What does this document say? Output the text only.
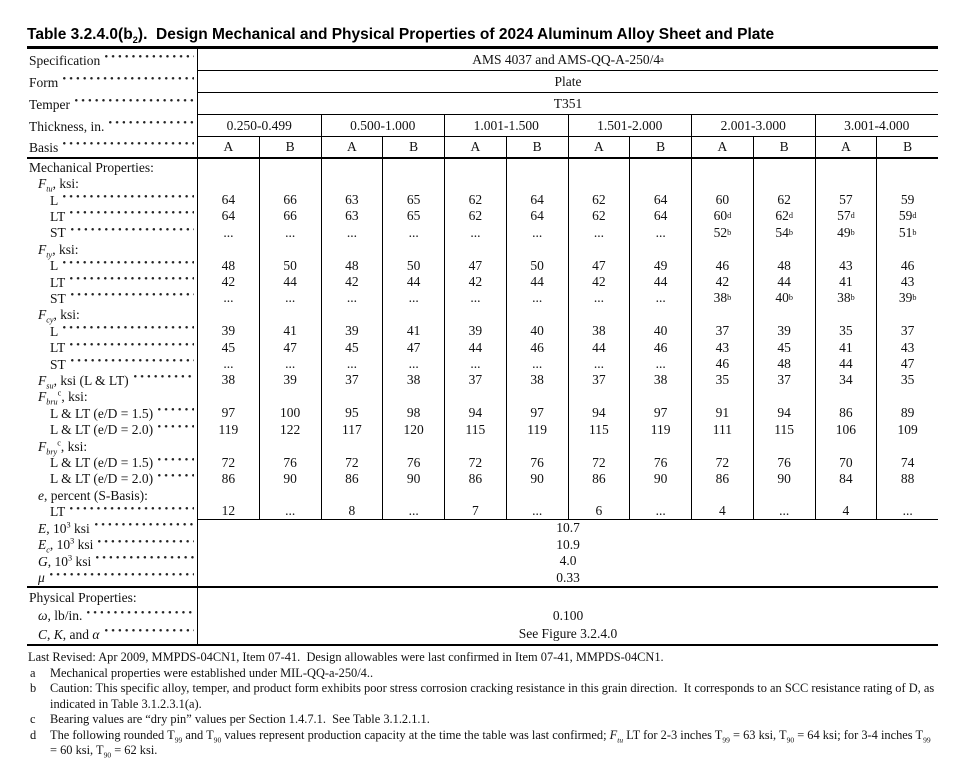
Table $3.2.4.0(b_2)$.  Design Mechanical and Physical Properties of 2024 Aluminum Alloy Sheet and Plate
Specification	AMS 4037 and AMS-QQ-A-250/4 a
Form	Plate
Temper	T351
Thickness, in.	0.250-0.499	0.500-1.000	1.001-1.500	1.501-2.000	2.001-3.000	3.001-4.000
Basis	A	B	A	B	A	B	A	B	A	B	A	B
Mechanical Properties:
$F_{tu}$, ksi:
L	64	66	63	65	62	64	62	64	60	62	57	59
LT	64	66	63	65	62	64	62	64	60 d	62 d	57 d	59 d
ST	...	...	...	...	...	...	...	...	52 b	54 b	49 b	51 b
$F_{ty}$, ksi:
L	48	50	48	50	47	50	47	49	46	48	43	46
LT	42	44	42	44	42	44	42	44	42	44	41	43
ST	...	...	...	...	...	...	...	...	38 b	40 b	38 b	39 b
$F_{cy}$, ksi:
L	39	41	39	41	39	40	38	40	37	39	35	37
LT	45	47	45	47	44	46	44	46	43	45	41	43
ST	...	...	...	...	...	...	...	...	46	48	44	47
$F_{su}$, ksi (L & LT)	38	39	37	38	37	38	37	38	35	37	34	35
$F_{bru}^c$, ksi:
L & LT (e/D = 1.5)	97	100	95	98	94	97	94	97	91	94	86	89
L & LT (e/D = 2.0)	119	122	117	120	115	119	115	119	111	115	106	109
$F_{bry}^c$, ksi:
L & LT (e/D = 1.5)	72	76	72	76	72	76	72	76	72	76	70	74
L & LT (e/D = 2.0)	86	90	86	90	86	90	86	90	86	90	84	88
e, percent (S-Basis):
LT	12	...	8	...	7	...	6	...	4	...	4	...
E, $10^3$ ksi	10.7
$E_c$, $10^3$ ksi	10.9
G, $10^3$ ksi	4.0
μ	0.33
Physical Properties:
ω, lb/in.	0.100
C, K, and α	See Figure 3.2.4.0
Last Revised: Apr 2009, MMPDS-04CN1, Item 07-41.  Design allowables were last confirmed in Item 07-41, MMPDS-04CN1.
a	Mechanical properties were established under MIL-QQ-a-250/4..
b	Caution: This specific alloy, temper, and product form exhibits poor stress corrosion cracking resistance in this grain direction.  It corresponds to an SCC resistance rating of D, as indicated in Table 3.1.2.3.1(a).
c	Bearing values are “dry pin” values per Section 1.4.7.1.  See Table 3.1.2.1.1.
d	The following rounded $T_{99}$ and $T_{90}$ values represent production capacity at the time the table was last confirmed; $F_{tu}$ LT for 2-3 inches $T_{99} = 63$ ksi, $T_{90} = 64$ ksi; for 3-4 inches $T_{99} = 60$ ksi, $T_{90} = 62$ ksi.
